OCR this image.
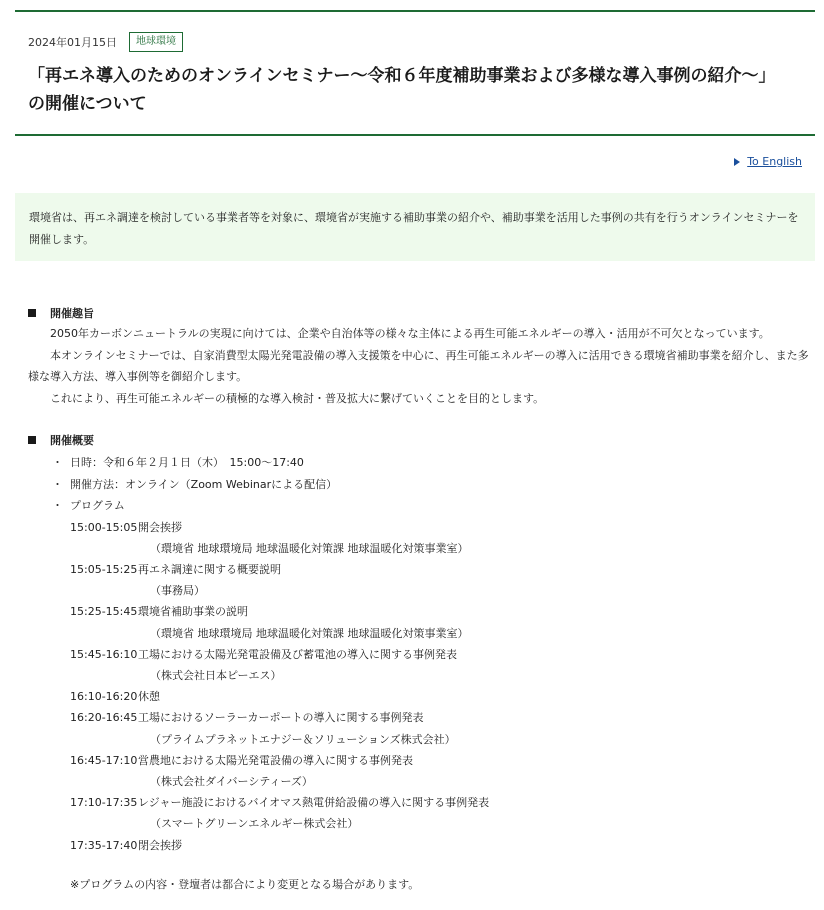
2024年01月15日	地球環境
「再エネ導入のためのオンラインセミナー〜令和６年度補助事業および多様な導入事例の紹介〜」
の開催について
To English
環境省は、再エネ調達を検討している事業者等を対象に、環境省が実施する補助事業の紹介や、補助事業を活用した事例の共有を行うオンラインセミナーを開催します。
開催趣旨
2050年カーボンニュートラルの実現に向けては、企業や自治体等の様々な主体による再生可能エネルギーの導入・活用が不可欠となっています。
本オンラインセミナーでは、自家消費型太陽光発電設備の導入支援策を中心に、再生可能エネルギーの導入に活用できる環境省補助事業を紹介し、また多様な導入方法、導入事例等を御紹介します。
これにより、再生可能エネルギーの積極的な導入検討・普及拡大に繋げていくことを目的とします。
開催概要
・ 日時：令和６年２月１日（木）　15:00〜17:40
・ 開催方法：オンライン（Zoom Webinarによる配信）
・ プログラム
15:00-15:05 開会挨拶
（環境省 地球環境局 地球温暖化対策課 地球温暖化対策事業室）
15:05-15:25 再エネ調達に関する概要説明
（事務局）
15:25-15:45 環境省補助事業の説明
（環境省 地球環境局 地球温暖化対策課 地球温暖化対策事業室）
15:45-16:10 工場における太陽光発電設備及び蓄電池の導入に関する事例発表
（株式会社日本ピーエス）
16:10-16:20 休憩
16:20-16:45 工場におけるソーラーカーポートの導入に関する事例発表
（プライムプラネットエナジー＆ソリューションズ株式会社）
16:45-17:10 営農地における太陽光発電設備の導入に関する事例発表
（株式会社ダイバーシティーズ）
17:10-17:35 レジャー施設におけるバイオマス熱電併給設備の導入に関する事例発表
（スマートグリーンエネルギー株式会社）
17:35-17:40 閉会挨拶
※プログラムの内容・登壇者は都合により変更となる場合があります。
